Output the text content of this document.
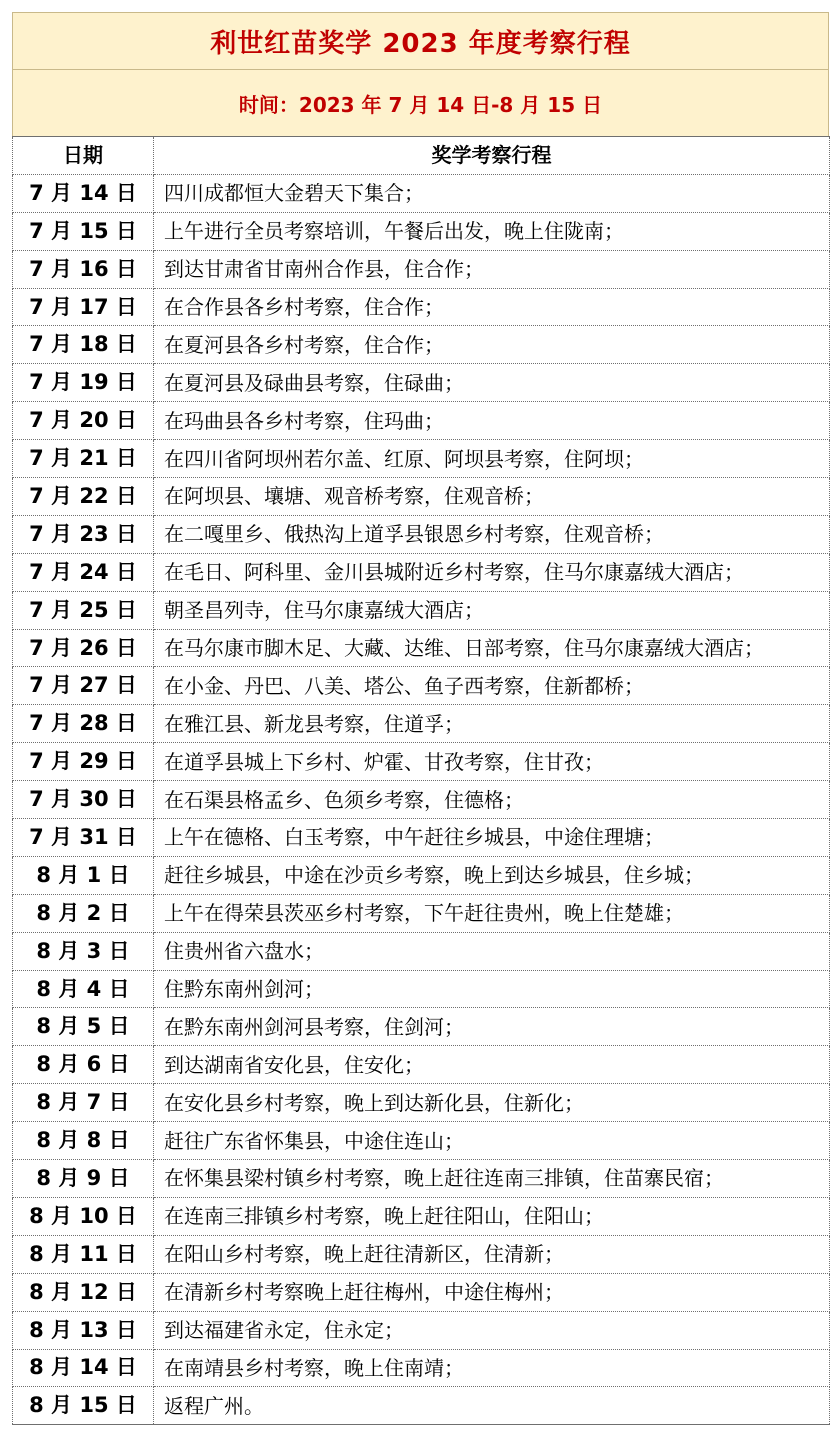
利世红苗奖学 2023 年度考察行程
时间：2023 年 7 月 14 日-8 月 15 日
日期	奖学考察行程
7 月 14 日	四川成都恒大金碧天下集合；
7 月 15 日	上午进行全员考察培训，午餐后出发，晚上住陇南；
7 月 16 日	到达甘肃省甘南州合作县，住合作；
7 月 17 日	在合作县各乡村考察，住合作；
7 月 18 日	在夏河县各乡村考察，住合作；
7 月 19 日	在夏河县及碌曲县考察，住碌曲；
7 月 20 日	在玛曲县各乡村考察，住玛曲；
7 月 21 日	在四川省阿坝州若尔盖、红原、阿坝县考察，住阿坝；
7 月 22 日	在阿坝县、壤塘、观音桥考察，住观音桥；
7 月 23 日	在二嘎里乡、俄热沟上道孚县银恩乡村考察，住观音桥；
7 月 24 日	在毛日、阿科里、金川县城附近乡村考察，住马尔康嘉绒大酒店；
7 月 25 日	朝圣昌列寺，住马尔康嘉绒大酒店；
7 月 26 日	在马尔康市脚木足、大藏、达维、日部考察，住马尔康嘉绒大酒店；
7 月 27 日	在小金、丹巴、八美、塔公、鱼子西考察，住新都桥；
7 月 28 日	在雅江县、新龙县考察，住道孚；
7 月 29 日	在道孚县城上下乡村、炉霍、甘孜考察，住甘孜；
7 月 30 日	在石渠县格孟乡、色须乡考察，住德格；
7 月 31 日	上午在德格、白玉考察，中午赶往乡城县，中途住理塘；
8 月 1 日	赶往乡城县，中途在沙贡乡考察，晚上到达乡城县，住乡城；
8 月 2 日	上午在得荣县茨巫乡村考察，下午赶往贵州，晚上住楚雄；
8 月 3 日	住贵州省六盘水；
8 月 4 日	住黔东南州剑河；
8 月 5 日	在黔东南州剑河县考察，住剑河；
8 月 6 日	到达湖南省安化县，住安化；
8 月 7 日	在安化县乡村考察，晚上到达新化县，住新化；
8 月 8 日	赶往广东省怀集县，中途住连山；
8 月 9 日	在怀集县梁村镇乡村考察，晚上赶往连南三排镇，住苗寨民宿；
8 月 10 日	在连南三排镇乡村考察，晚上赶往阳山，住阳山；
8 月 11 日	在阳山乡村考察，晚上赶往清新区，住清新；
8 月 12 日	在清新乡村考察晚上赶往梅州，中途住梅州；
8 月 13 日	到达福建省永定，住永定；
8 月 14 日	在南靖县乡村考察，晚上住南靖；
8 月 15 日	返程广州。
